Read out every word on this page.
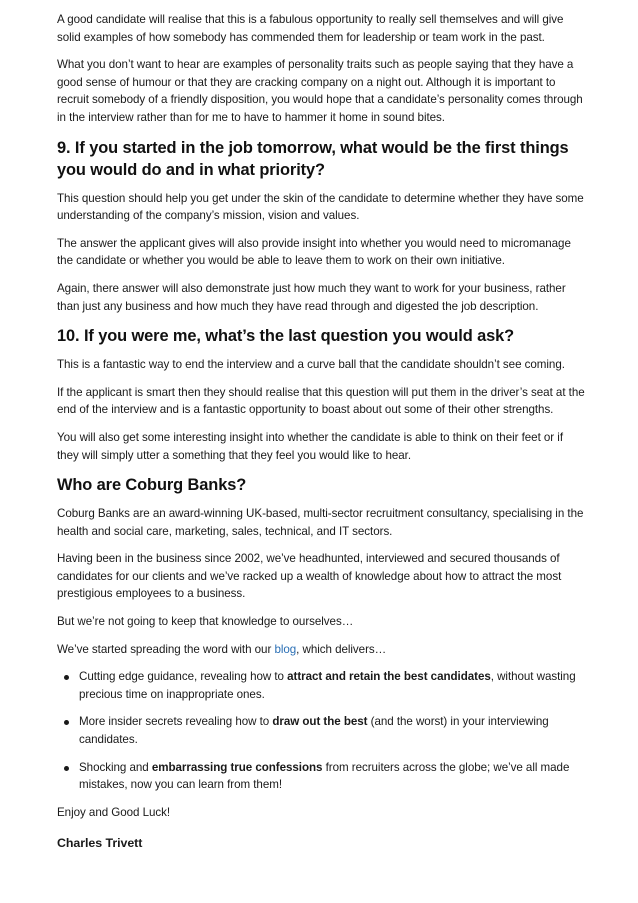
A good candidate will realise that this is a fabulous opportunity to really sell themselves and will give solid examples of how somebody has commended them for leadership or team work in the past.

What you don’t want to hear are examples of personality traits such as people saying that they have a good sense of humour or that they are cracking company on a night out. Although it is important to recruit somebody of a friendly disposition, you would hope that a candidate’s personality comes through in the interview rather than for me to have to hammer it home in sound bites.

9. If you started in the job tomorrow, what would be the first things you would do and in what priority?

This question should help you get under the skin of the candidate to determine whether they have some understanding of the company’s mission, vision and values.

The answer the applicant gives will also provide insight into whether you would need to micromanage the candidate or whether you would be able to leave them to work on their own initiative.

Again, there answer will also demonstrate just how much they want to work for your business, rather than just any business and how much they have read through and digested the job description.

10. If you were me, what’s the last question you would ask?

This is a fantastic way to end the interview and a curve ball that the candidate shouldn’t see coming.

If the applicant is smart then they should realise that this question will put them in the driver’s seat at the end of the interview and is a fantastic opportunity to boast about out some of their other strengths.

You will also get some interesting insight into whether the candidate is able to think on their feet or if they will simply utter a something that they feel you would like to hear.

Who are Coburg Banks?

Coburg Banks are an award-winning UK-based, multi-sector recruitment consultancy, specialising in the health and social care, marketing, sales, technical, and IT sectors.

Having been in the business since 2002, we’ve headhunted, interviewed and secured thousands of candidates for our clients and we’ve racked up a wealth of knowledge about how to attract the most prestigious employees to a business.

But we’re not going to keep that knowledge to ourselves…

We’ve started spreading the word with our blog, which delivers…

Cutting edge guidance, revealing how to attract and retain the best candidates, without wasting precious time on inappropriate ones.
More insider secrets revealing how to draw out the best (and the worst) in your interviewing candidates.
Shocking and embarrassing true confessions from recruiters across the globe; we’ve all made mistakes, now you can learn from them!

Enjoy and Good Luck!

Charles Trivett
